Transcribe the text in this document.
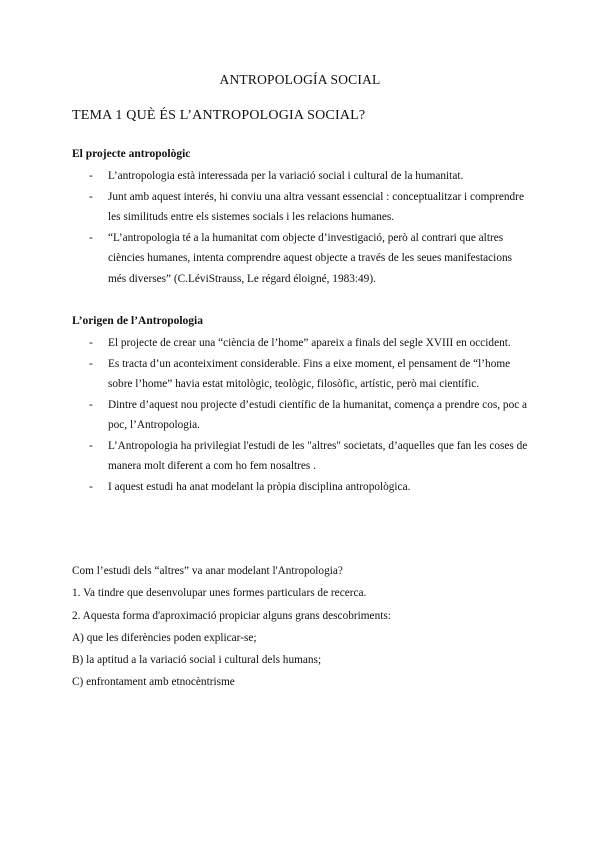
ANTROPOLOGÍA SOCIAL
TEMA 1 QUÈ ÉS L’ANTROPOLOGIA SOCIAL?
El projecte antropològic
- L’antropologia està interessada per la variació social i cultural de la humanitat.
- Junt amb aquest interés, hi conviu una altra vessant essencial : conceptualitzar i comprendre les similituds entre els sistemes socials i les relacions humanes.
- “L’antropologia té a la humanitat com objecte d’investigació, però al contrari que altres ciències humanes, intenta comprendre aquest objecte a través de les seues manifestacions més diverses” (C.LéviStrauss, Le régard éloigné, 1983:49).
L’origen de l’Antropologia
- El projecte de crear una “ciència de l’home” apareix a finals del segle XVIII en occident.
- Es tracta d’un aconteiximent considerable. Fins a eixe moment, el pensament de “l’home sobre l’home” havia estat mitològic, teològic, filosòfic, artístic, però mai científic.
- Dintre d’aquest nou projecte d’estudi científic de la humanitat, comença a prendre cos, poc a poc, l’Antropologia.
- L’Antropologia ha privilegiat l'estudi de les "altres" societats, d’aquelles que fan les coses de manera molt diferent a com ho fem nosaltres .
- I aquest estudi ha anat modelant la pròpia disciplina antropològica.

Com l’estudi dels “altres” va anar modelant l'Antropologia?

1. Va tindre que desenvolupar unes formes particulars de recerca.

2. Aquesta forma d'aproximació propiciar alguns grans descobriments:

A) que les diferències poden explicar-se;

B) la aptitud a la variació social i cultural dels humans;

C) enfrontament amb etnocèntrisme
